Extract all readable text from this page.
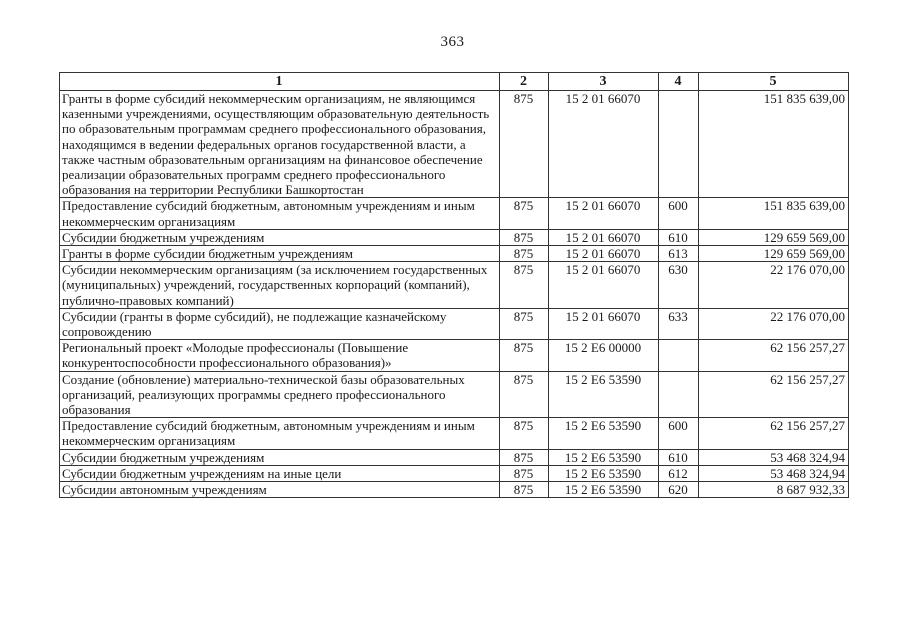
363
1	2	3	4	5
Гранты в форме субсидий некоммерческим организациям, не являющимся казенными учреждениями, осуществляющим образовательную деятельность по образовательным программам среднего профессионального образования, находящимся в ведении федеральных органов государственной власти, а также частным образовательным организациям на финансовое обеспечение реализации образовательных программ среднего профессионального образования на территории Республики Башкортостан	875	15 2 01 66070		151 835 639,00
Предоставление субсидий бюджетным, автономным учреждениям и иным некоммерческим организациям	875	15 2 01 66070	600	151 835 639,00
Субсидии бюджетным учреждениям	875	15 2 01 66070	610	129 659 569,00
Гранты в форме субсидии бюджетным учреждениям	875	15 2 01 66070	613	129 659 569,00
Субсидии некоммерческим организациям (за исключением государственных (муниципальных) учреждений, государственных корпораций (компаний), публично-правовых компаний)	875	15 2 01 66070	630	22 176 070,00
Субсидии (гранты в форме субсидий), не подлежащие казначейскому сопровождению	875	15 2 01 66070	633	22 176 070,00
Региональный проект «Молодые профессионалы (Повышение конкурентоспособности профессионального образования)»	875	15 2 E6 00000		62 156 257,27
Создание (обновление) материально-технической базы образовательных организаций, реализующих программы среднего профессионального образования	875	15 2 E6 53590		62 156 257,27
Предоставление субсидий бюджетным, автономным учреждениям и иным некоммерческим организациям	875	15 2 E6 53590	600	62 156 257,27
Субсидии бюджетным учреждениям	875	15 2 E6 53590	610	53 468 324,94
Субсидии бюджетным учреждениям на иные цели	875	15 2 E6 53590	612	53 468 324,94
Субсидии автономным учреждениям	875	15 2 E6 53590	620	8 687 932,33
